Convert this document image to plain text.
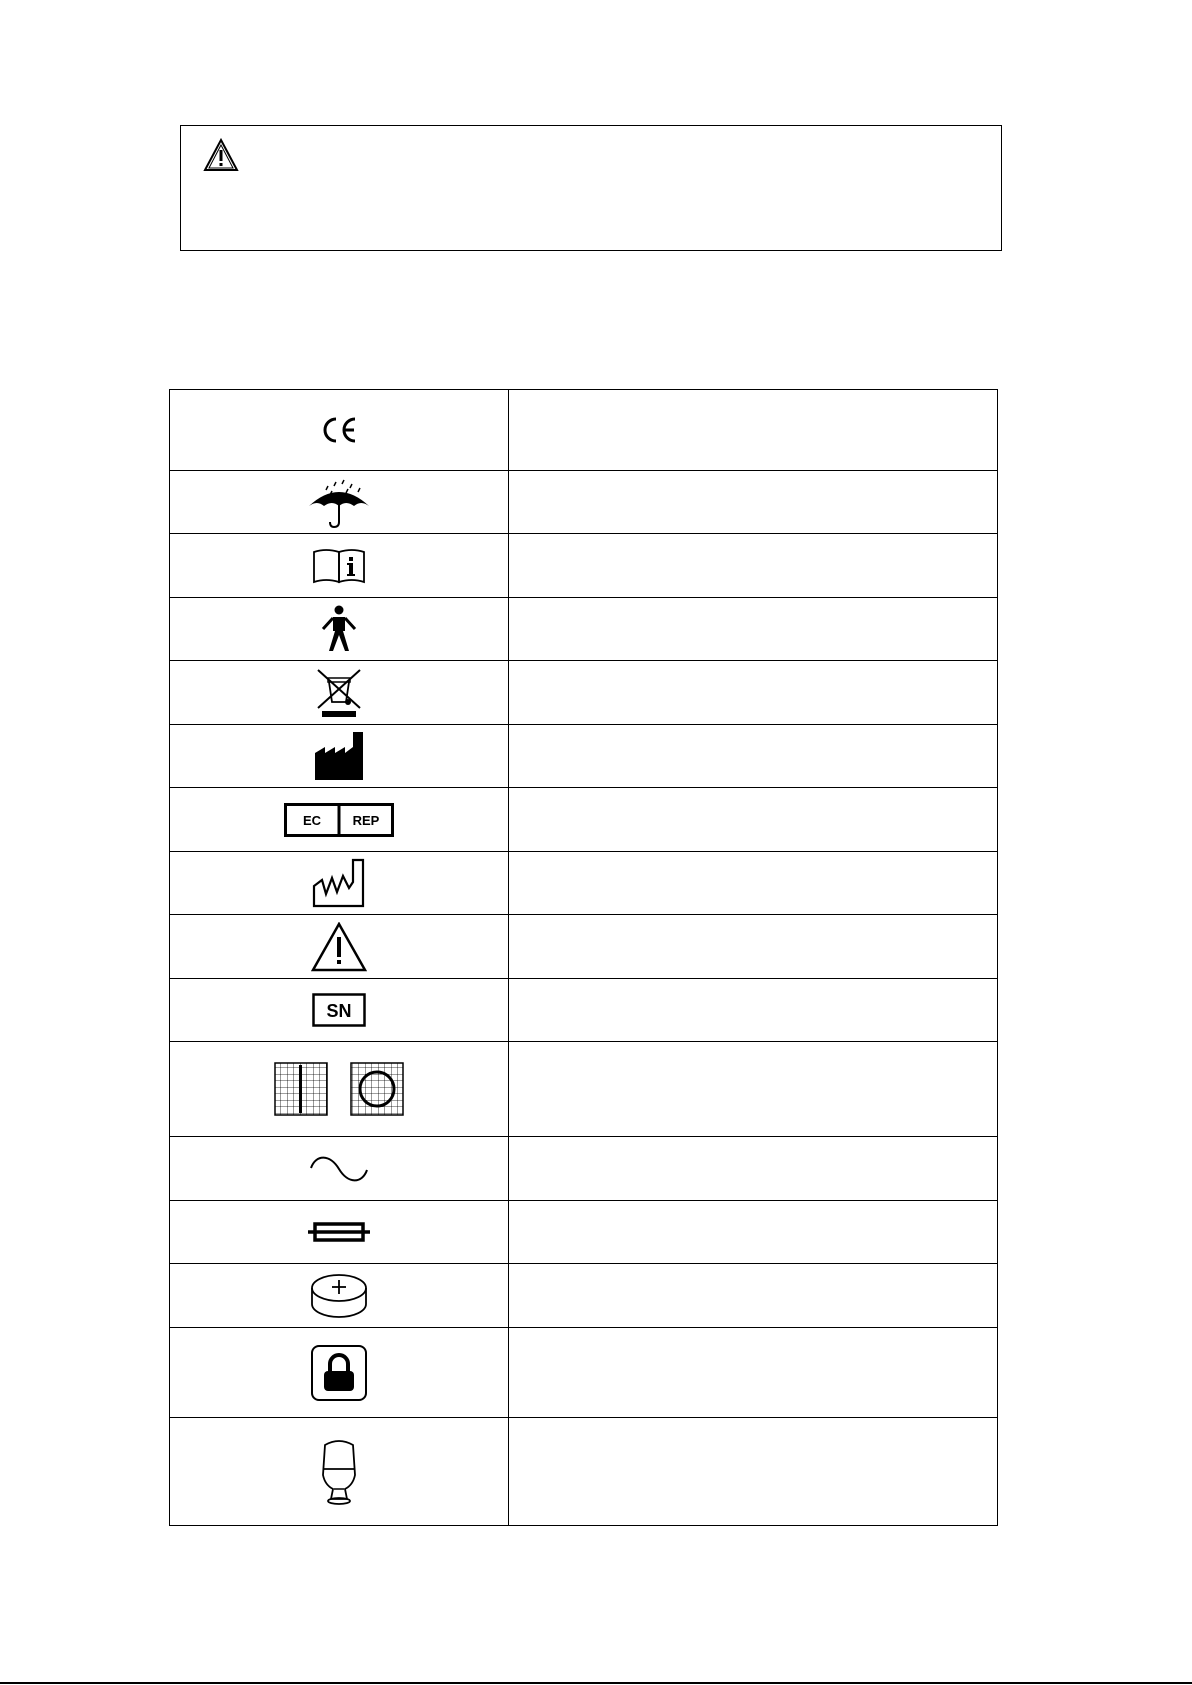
EC REP	

SN	
